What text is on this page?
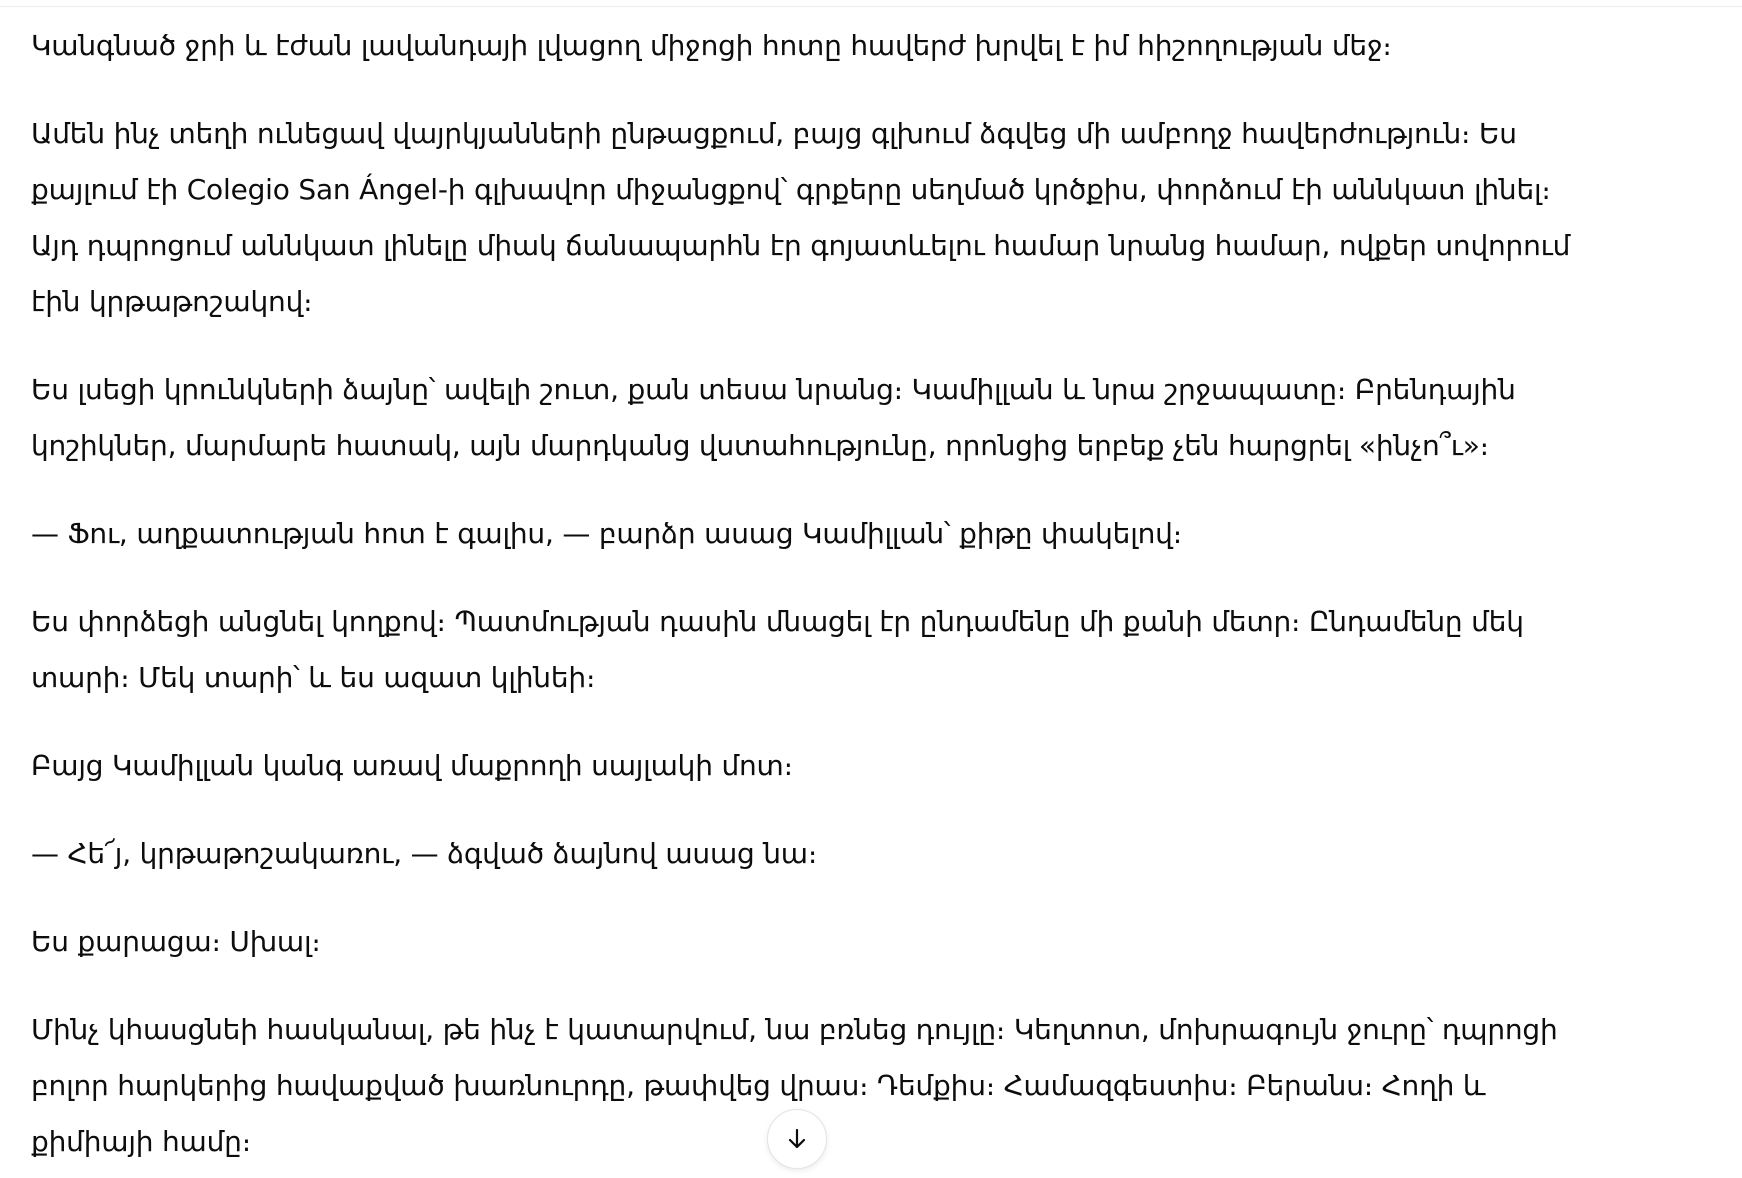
Կանգնած ջրի և էժան լավանդայի լվացող միջոցի հոտը հավերժ խրվել է իմ հիշողության մեջ։

Ամեն ինչ տեղի ունեցավ վայրկյանների ընթացքում, բայց գլխում ձգվեց մի ամբողջ հավերժություն։ Ես քայլում էի Colegio San Ángel-ի գլխավոր միջանցքով՝ գրքերը սեղմած կրծքիս, փորձում էի աննկատ լինել։ Այդ դպրոցում աննկատ լինելը միակ ճանապարհն էր գոյատևելու համար նրանց համար, ովքեր սովորում էին կրթաթոշակով։

Ես լսեցի կրունկների ձայնը՝ ավելի շուտ, քան տեսա նրանց։ Կամիլլան և նրա շրջապատը։ Բրենդային կոշիկներ, մարմարե հատակ, այն մարդկանց վստահությունը, որոնցից երբեք չեն հարցրել «ինչո՞ւ»։

— Ֆու, աղքատության հոտ է գալիս, — բարձր ասաց Կամիլլան՝ քիթը փակելով։

Ես փորձեցի անցնել կողքով։ Պատմության դասին մնացել էր ընդամենը մի քանի մետր։ Ընդամենը մեկ տարի։ Մեկ տարի՝ և ես ազատ կլինեի։

Բայց Կամիլլան կանգ առավ մաքրողի սայլակի մոտ։

— Հե՜յ, կրթաթոշակառու, — ձգված ձայնով ասաց նա։

Ես քարացա։ Սխալ։

Մինչ կհասցնեի հասկանալ, թե ինչ է կատարվում, նա բռնեց դույլը։ Կեղտոտ, մոխրագույն ջուրը՝ դպրոցի բոլոր հարկերից հավաքված խառնուրդը, թափվեց վրաս։ Դեմքիս։ Համազգեստիս։ Բերանս։ Հողի և քիմիայի համը։
